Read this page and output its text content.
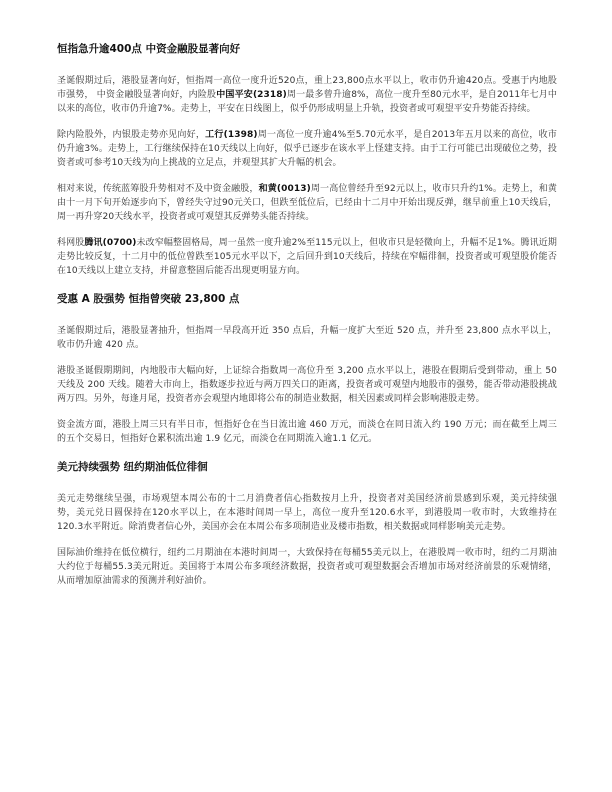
恒指急升逾400点 中资金融股显著向好

圣诞假期过后，港股显著向好，恒指周一高位一度升近520点，重上23,800点水平以上，收市仍升逾420点。受惠于内地股市强势， 中资金融股显著向好，内险股中国平安(2318)周一最多曾升逾8%，高位一度升至80元水平，是自2011年七月中以来的高位，收市仍升逾7%。走势上，平安在日线图上，似乎仍形成明显上升轨，投资者或可观望平安升势能否持续。

除内险股外，内银股走势亦见向好，工行(1398)周一高位一度升逾4%至5.70元水平，是自2013年五月以来的高位，收市仍升逾3%。走势上，工行继续保持在10天线以上向好，似乎已逐步在该水平上怪建支持。由于工行可能已出现破位之势，投资者或可参考10天线为向上挑战的立足点，并观望其扩大升幅的机会。

相对来说，传统蓝筹股升势相对不及中资金融股，和黄(0013)周一高位曾经升至92元以上，收市只升约1%。走势上，和黄由十一月下旬开始逐步向下，曾经失守过90元关口，但跌至低位后，已经由十二月中开始出现反弹，继早前重上10天线后，周一再升穿20天线水平，投资者或可观望其反弹势头能否持续。

科网股腾讯(0700)未改窄幅整固格局，周一虽然一度升逾2%至115元以上，但收市只是轻微向上，升幅不足1%。腾讯近期走势比较反复，十二月中的低位曾跌至105元水平以下，之后回升到10天线后，持续在窄幅徘徊，投资者或可观望股价能否在10天线以上建立支持，并留意整固后能否出现更明显方向。

受惠 A 股强势 恒指曾突破 23,800 点

圣诞假期过后，港股显著抽升，恒指周一早段高开近 350 点后，升幅一度扩大至近 520 点，并升至 23,800 点水平以上，收市仍升逾 420 点。

港股圣诞假期期间，内地股市大幅向好，上证综合指数周一高位升至 3,200 点水平以上，港股在假期后受到带动，重上 50 天线及 200 天线。随着大市向上，指数逐步拉近与两万四关口的距离，投资者或可观望内地股市的强势，能否带动港股挑战两万四。另外，每逢月尾，投资者亦会观望内地即将公布的制造业数据，相关因素或同样会影响港股走势。

资金流方面，港股上周三只有半日市，恒指好仓在当日流出逾 460 万元，而淡仓在同日流入约 190 万元；而在截至上周三的五个交易日，恒指好仓累积流出逾 1.9 亿元，而淡仓在同期流入逾1.1 亿元。

美元持续强势 纽约期油低位徘徊

美元走势继续呈强，市场观望本周公布的十二月消费者信心指数按月上升，投资者对美国经济前景感到乐观，美元持续强势，美元兑日圆保持在120水平以上，在本港时间周一早上，高位一度升至120.6水平，到港股周一收市时，大致维持在120.3水平附近。除消费者信心外，美国亦会在本周公布多项制造业及楼市指数，相关数据或同样影响美元走势。

国际油价维持在低位横行，纽约二月期油在本港时间周一，大致保持在每桶55美元以上，在港股周一收市时，纽约二月期油大约位于每桶55.3美元附近。美国将于本周公布多项经济数据，投资者或可观望数据会否增加市场对经济前景的乐观情绪，从而增加原油需求的预测并利好油价。
